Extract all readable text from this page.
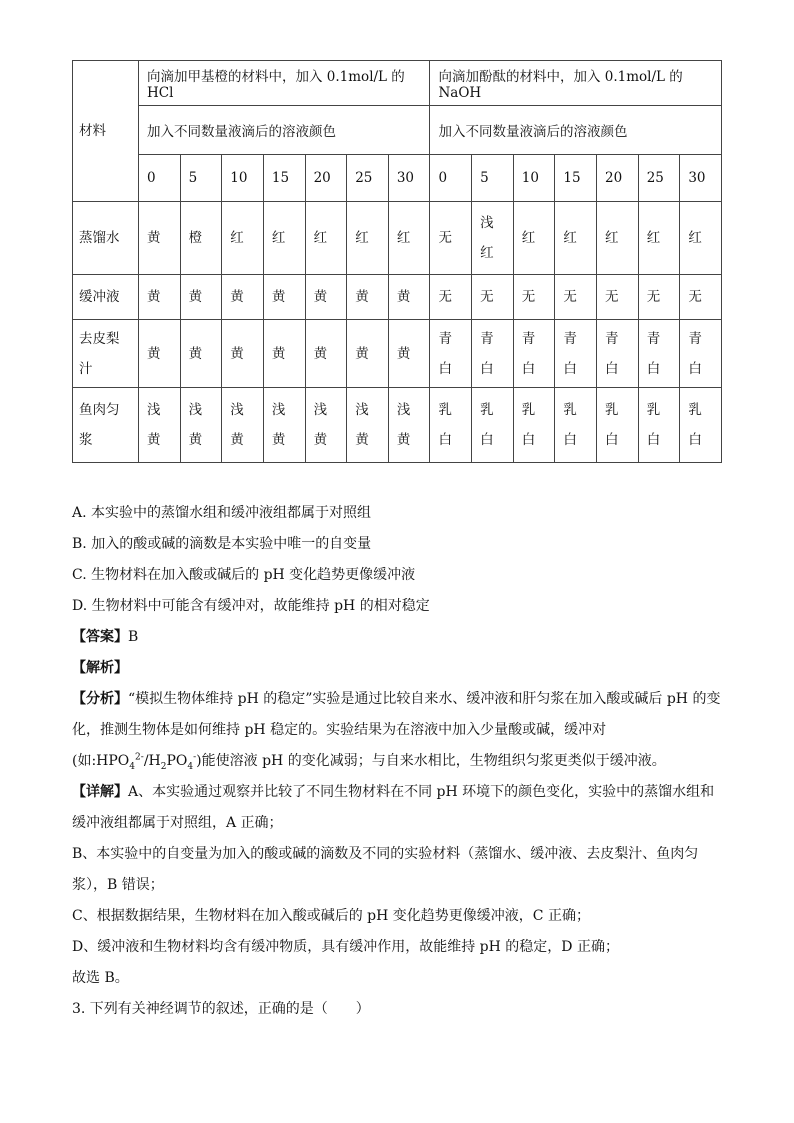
材料	向滴加甲基橙的材料中，加入 0.1mol/L 的 HCl							向滴加酚酞的材料中，加入 0.1mol/L 的 NaOH						
	加入不同数量液滴后的溶液颜色							加入不同数量液滴后的溶液颜色						
	0	5	10	15	20	25	30	0	5	10	15	20	25	30
蒸馏水	黄	橙	红	红	红	红	红	无	浅红	红	红	红	红	红
缓冲液	黄	黄	黄	黄	黄	黄	黄	无	无	无	无	无	无	无
去皮梨汁	黄	黄	黄	黄	黄	黄	黄	青白	青白	青白	青白	青白	青白	青白
鱼肉匀浆	浅黄	浅黄	浅黄	浅黄	浅黄	浅黄	浅黄	乳白	乳白	乳白	乳白	乳白	乳白	乳白

A. 本实验中的蒸馏水组和缓冲液组都属于对照组

B. 加入的酸或碱的滴数是本实验中唯一的自变量

C. 生物材料在加入酸或碱后的 pH 变化趋势更像缓冲液

D. 生物材料中可能含有缓冲对，故能维持 pH 的相对稳定

【答案】B

【解析】

【分析】“模拟生物体维持 pH 的稳定”实验是通过比较自来水、缓冲液和肝匀浆在加入酸或碱后 pH 的变化，推测生物体是如何维持 pH 稳定的。实验结果为在溶液中加入少量酸或碱，缓冲对(如$:HPO_4^{2-}/H_2PO_4^-$)能使溶液 pH 的变化减弱；与自来水相比，生物组织匀浆更类似于缓冲液。

【详解】A、本实验通过观察并比较了不同生物材料在不同 pH 环境下的颜色变化，实验中的蒸馏水组和缓冲液组都属于对照组，A 正确；

B、本实验中的自变量为加入的酸或碱的滴数及不同的实验材料（蒸馏水、缓冲液、去皮梨汁、鱼肉匀浆），B 错误；

C、根据数据结果，生物材料在加入酸或碱后的 pH 变化趋势更像缓冲液，C 正确；

D、缓冲液和生物材料均含有缓冲物质，具有缓冲作用，故能维持 pH 的稳定，D 正确；

故选 B。

3. 下列有关神经调节的叙述，正确的是（　　）
